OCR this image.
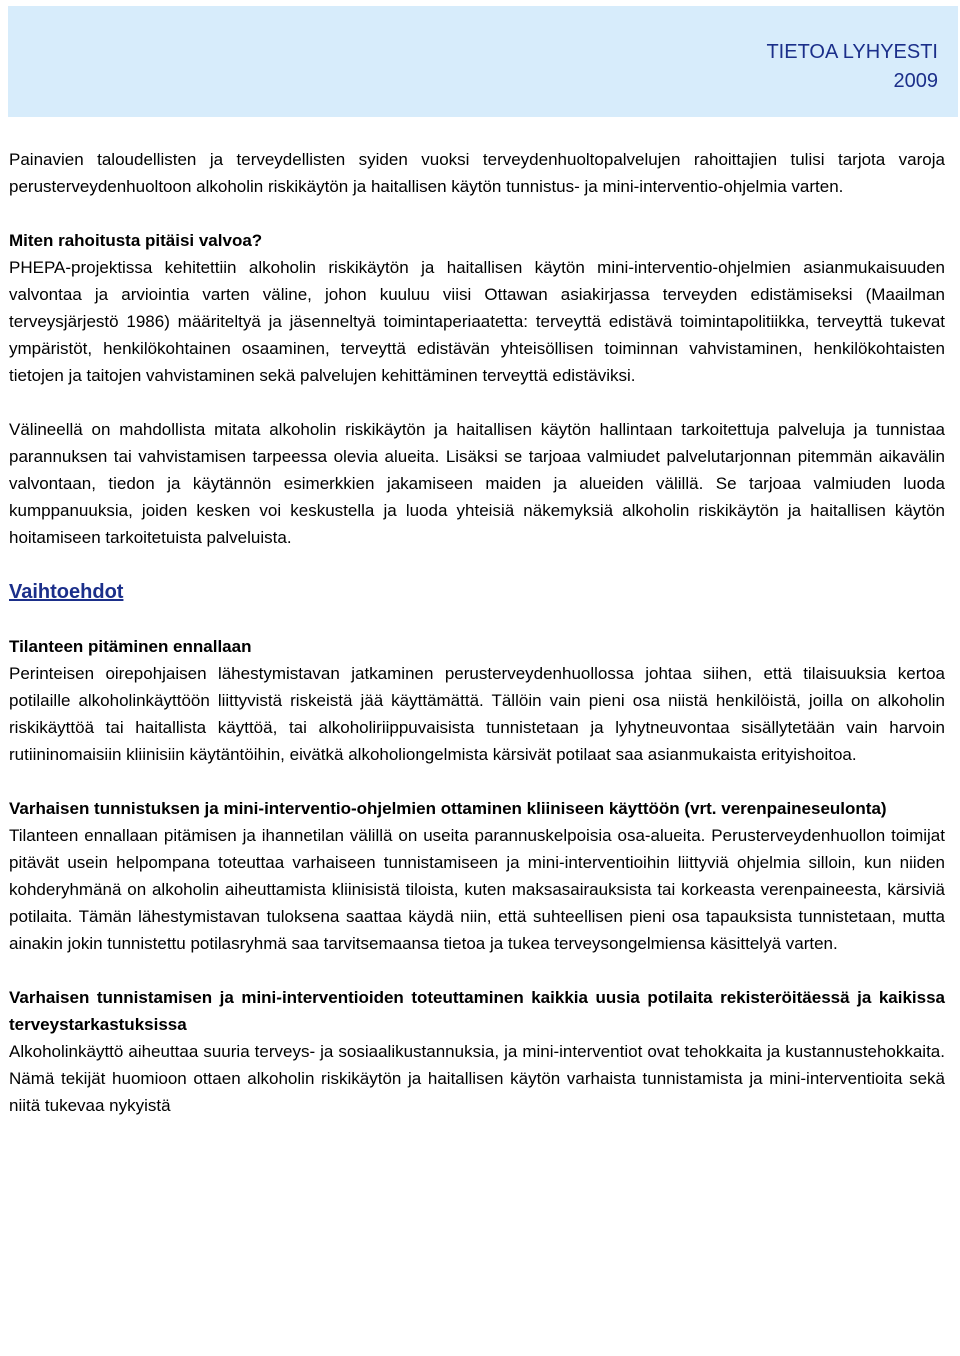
TIETOA LYHYESTI
2009

Painavien taloudellisten ja terveydellisten syiden vuoksi terveydenhuoltopalvelujen rahoittajien tulisi tarjota varoja perusterveydenhuoltoon alkoholin riskikäytön ja haitallisen käytön tunnistus- ja mini-interventio-ohjelmia varten.

Miten rahoitusta pitäisi valvoa?

PHEPA-projektissa kehitettiin alkoholin riskikäytön ja haitallisen käytön mini-interventio-ohjelmien asianmukaisuuden valvontaa ja arviointia varten väline, johon kuuluu viisi Ottawan asiakirjassa terveyden edistämiseksi (Maailman terveysjärjestö 1986) määriteltyä ja jäsenneltyä toimintaperiaatetta: terveyttä edistävä toimintapolitiikka, terveyttä tukevat ympäristöt, henkilökohtainen osaaminen, terveyttä edistävän yhteisöllisen toiminnan vahvistaminen, henkilökohtaisten tietojen ja taitojen vahvistaminen sekä palvelujen kehittäminen terveyttä edistäviksi.

Välineellä on mahdollista mitata alkoholin riskikäytön ja haitallisen käytön hallintaan tarkoitettuja palveluja ja tunnistaa parannuksen tai vahvistamisen tarpeessa olevia alueita. Lisäksi se tarjoaa valmiudet palvelutarjonnan pitemmän aikavälin valvontaan, tiedon ja käytännön esimerkkien jakamiseen maiden ja alueiden välillä. Se tarjoaa valmiuden luoda kumppanuuksia, joiden kesken voi keskustella ja luoda yhteisiä näkemyksiä alkoholin riskikäytön ja haitallisen käytön hoitamiseen tarkoitetuista palveluista.

Vaihtoehdot
Tilanteen pitäminen ennallaan

Perinteisen oirepohjaisen lähestymistavan jatkaminen perusterveydenhuollossa johtaa siihen, että tilaisuuksia kertoa potilaille alkoholinkäyttöön liittyvistä riskeistä jää käyttämättä. Tällöin vain pieni osa niistä henkilöistä, joilla on alkoholin riskikäyttöä tai haitallista käyttöä, tai alkoholiriippuvaisista tunnistetaan ja lyhytneuvontaa sisällytetään vain harvoin rutiininomaisiin kliinisiin käytäntöihin, eivätkä alkoholiongelmista kärsivät potilaat saa asianmukaista erityishoitoa.

Varhaisen tunnistuksen ja mini-interventio-ohjelmien ottaminen kliiniseen käyttöön (vrt. verenpaineseulonta)

Tilanteen ennallaan pitämisen ja ihannetilan välillä on useita parannuskelpoisia osa-alueita. Perusterveydenhuollon toimijat pitävät usein helpompana toteuttaa varhaiseen tunnistamiseen ja mini-interventioihin liittyviä ohjelmia silloin, kun niiden kohderyhmänä on alkoholin aiheuttamista kliinisistä tiloista, kuten maksasairauksista tai korkeasta verenpaineesta, kärsiviä potilaita. Tämän lähestymistavan tuloksena saattaa käydä niin, että suhteellisen pieni osa tapauksista tunnistetaan, mutta ainakin jokin tunnistettu potilasryhmä saa tarvitsemaansa tietoa ja tukea terveysongelmiensa käsittelyä varten.

Varhaisen tunnistamisen ja mini-interventioiden toteuttaminen kaikkia uusia potilaita rekisteröitäessä ja kaikissa terveystarkastuksissa

Alkoholinkäyttö aiheuttaa suuria terveys- ja sosiaalikustannuksia, ja mini-interventiot ovat tehokkaita ja kustannustehokkaita. Nämä tekijät huomioon ottaen alkoholin riskikäytön ja haitallisen käytön varhaista tunnistamista ja mini-interventioita sekä niitä tukevaa nykyistä
